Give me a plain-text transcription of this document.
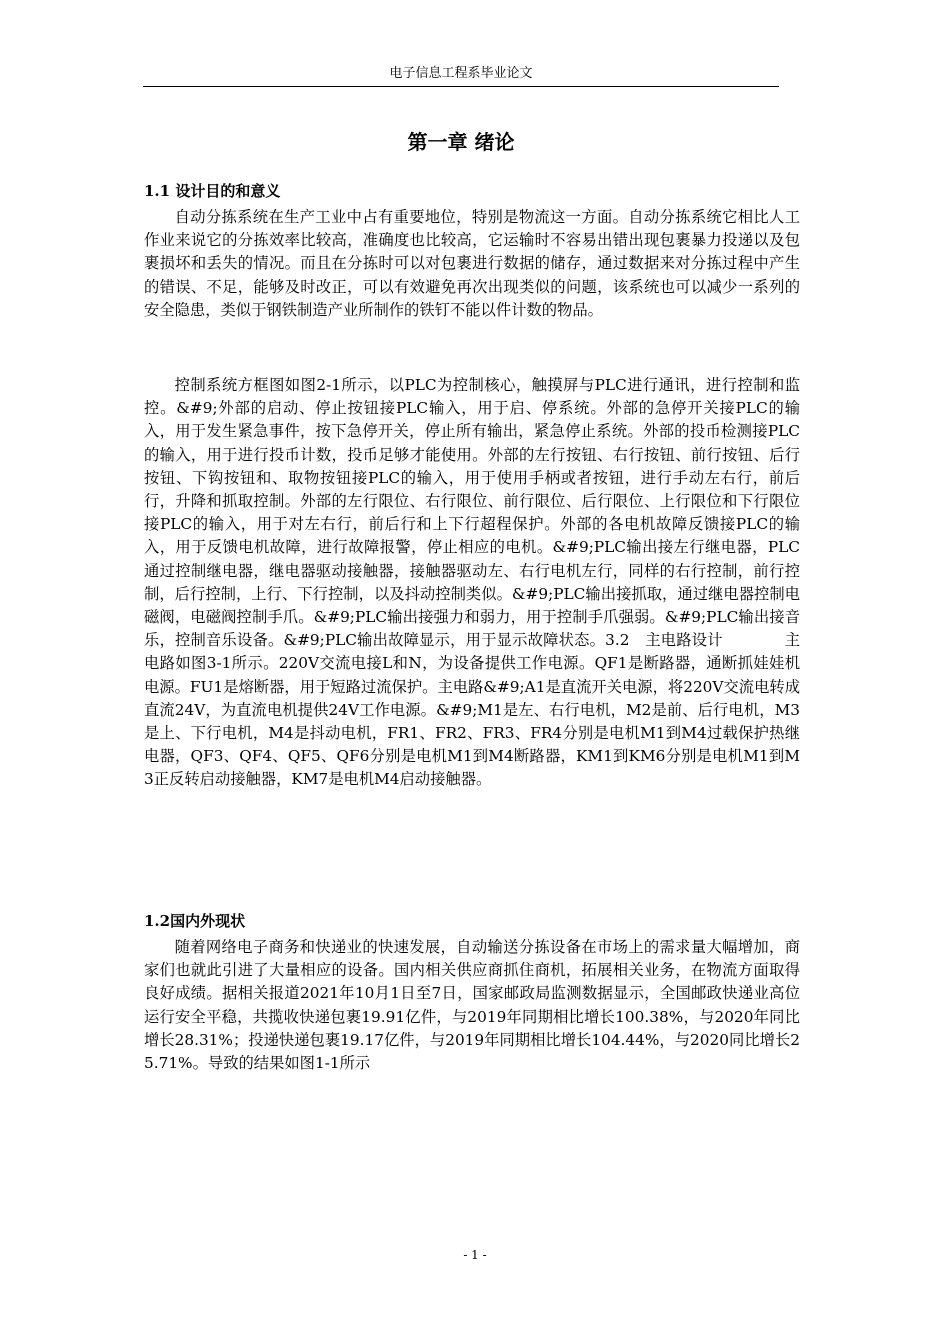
电子信息工程系毕业论文
第一章 绪论
1.1 设计目的和意义

自动分拣系统在生产工业中占有重要地位，特别是物流这一方面。自动分拣系统它相比人工作业来说它的分拣效率比较高，准确度也比较高，它运输时不容易出错出现包裹暴力投递以及包裹损坏和丢失的情况。而且在分拣时可以对包裹进行数据的储存，通过数据来对分拣过程中产生的错误、不足，能够及时改正，可以有效避免再次出现类似的问题，该系统也可以减少一系列的安全隐患，类似于钢铁制造产业所制作的铁钉不能以件计数的物品。

控制系统方框图如图2-1所示，以PLC为控制核心，触摸屏与PLC进行通讯，进行控制和监控。&#9;外部的启动、停止按钮接PLC输入，用于启、停系统。外部的急停开关接PLC的输入，用于发生紧急事件，按下急停开关，停止所有输出，紧急停止系统。外部的投币检测接PLC的输入，用于进行投币计数，投币足够才能使用。外部的左行按钮、右行按钮、前行按钮、后行按钮、下钩按钮和、取物按钮接PLC的输入，用于使用手柄或者按钮，进行手动左右行，前后行，升降和抓取控制。外部的左行限位、右行限位、前行限位、后行限位、上行限位和下行限位接PLC的输入，用于对左右行，前后行和上下行超程保护。外部的各电机故障反馈接PLC的输入，用于反馈电机故障，进行故障报警，停止相应的电机。&#9;PLC输出接左行继电器，PLC通过控制继电器，继电器驱动接触器，接触器驱动左、右行电机左行，同样的右行控制，前行控制，后行控制，上行、下行控制，以及抖动控制类似。&#9;PLC输出接抓取，通过继电器控制电磁阀，电磁阀控制手爪。&#9;PLC输出接强力和弱力，用于控制手爪强弱。&#9;PLC输出接音乐，控制音乐设备。&#9;PLC输出故障显示，用于显示故障状态。3.2　主电路设计　　　　主电路如图3-1所示。220V交流电接L和N，为设备提供工作电源。QF1是断路器，通断抓娃娃机电源。FU1是熔断器，用于短路过流保护。主电路&#9;A1是直流开关电源，将220V交流电转成直流24V，为直流电机提供24V工作电源。&#9;M1是左、右行电机，M2是前、后行电机，M3是上、下行电机，M4是抖动电机，FR1、FR2、FR3、FR4分别是电机M1到M4过载保护热继电器，QF3、QF4、QF5、QF6分别是电机M1到M4断路器，KM1到KM6分别是电机M1到M3正反转启动接触器，KM7是电机M4启动接触器。

1.2国内外现状

随着网络电子商务和快递业的快速发展，自动输送分拣设备在市场上的需求量大幅增加，商家们也就此引进了大量相应的设备。国内相关供应商抓住商机，拓展相关业务，在物流方面取得良好成绩。据相关报道2021年10月1日至7日，国家邮政局监测数据显示，全国邮政快递业高位运行安全平稳，共揽收快递包裹19.91亿件，与2019年同期相比增长100.38%，与2020年同比增长28.31%；投递快递包裹19.17亿件，与2019年同期相比增长104.44%，与2020同比增长25.71%。导致的结果如图1-1所示

- 1 -
